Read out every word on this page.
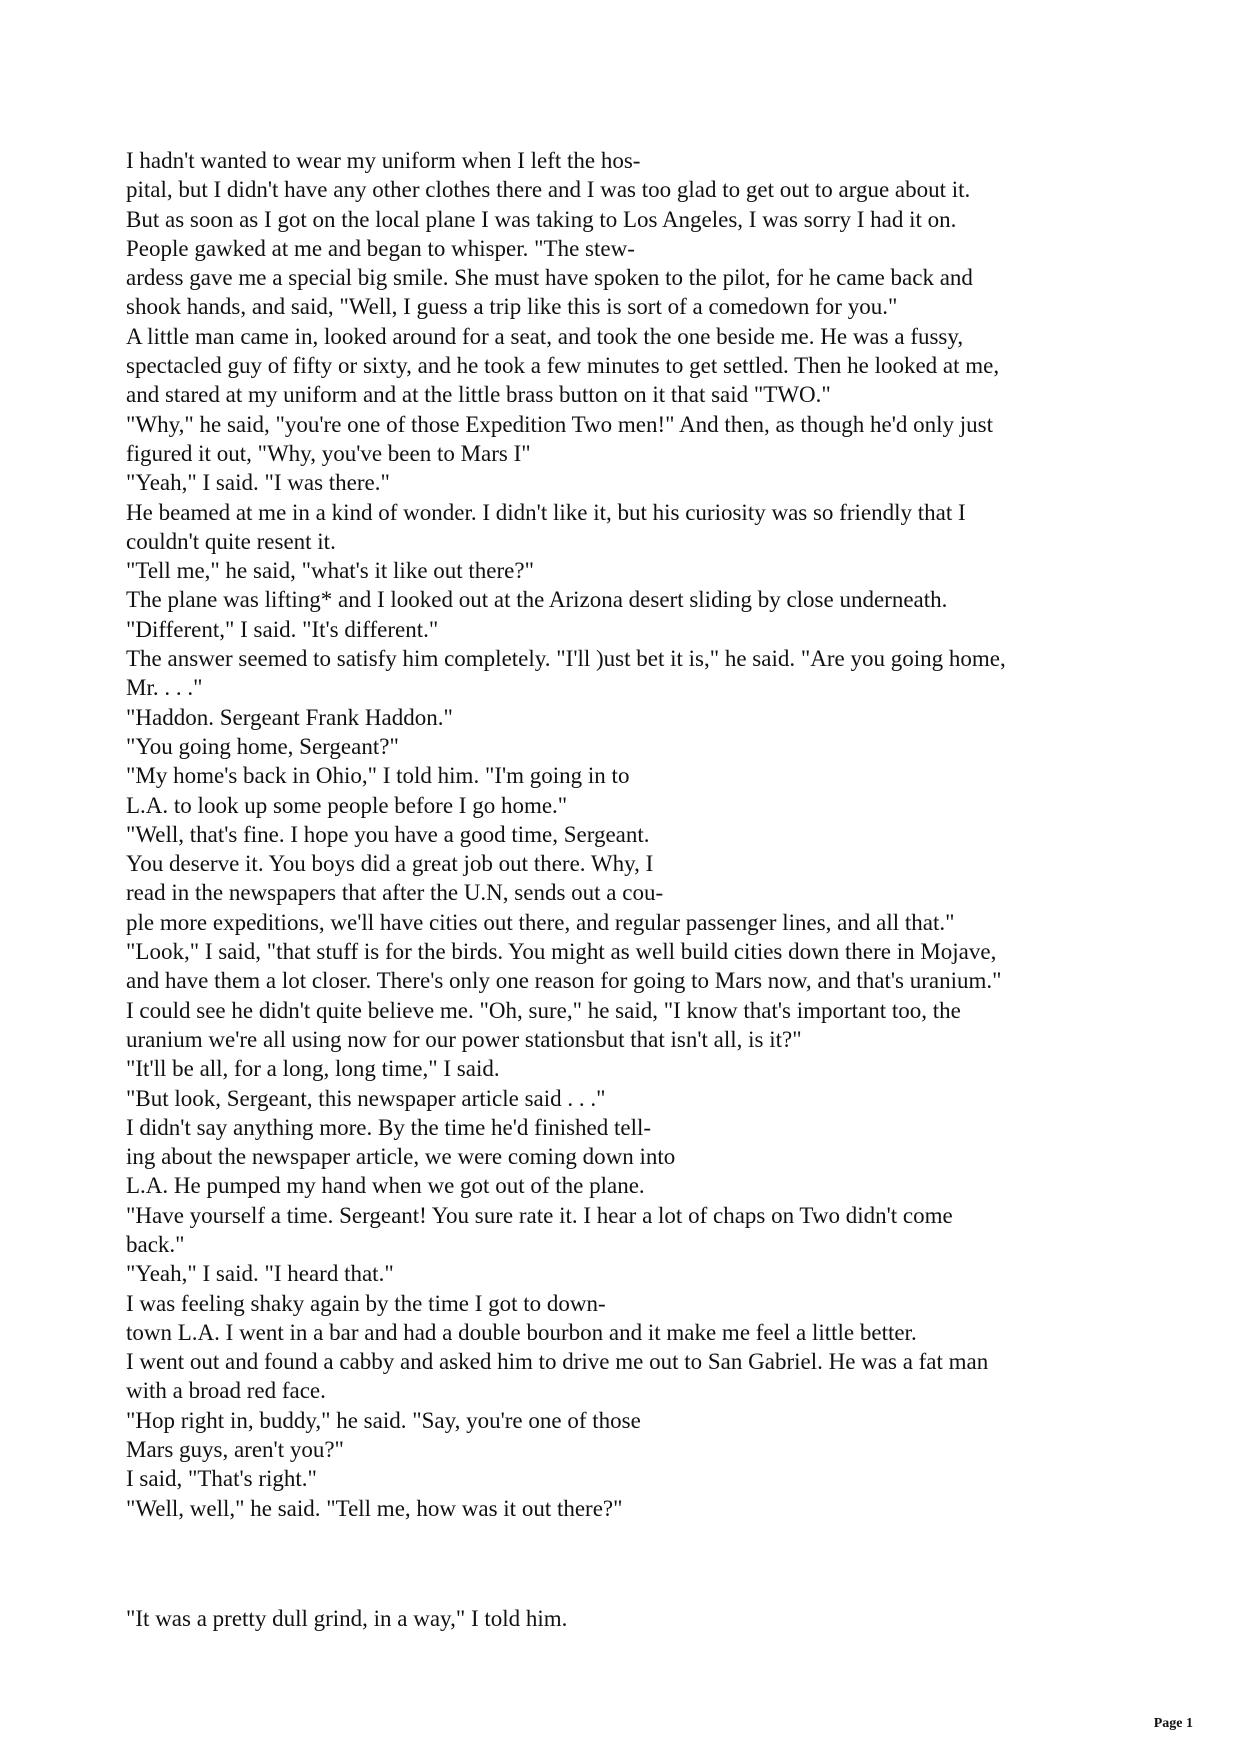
I hadn't wanted to wear my uniform when I left the hos-
pital, but I didn't have any other clothes there and I was too glad to get out to argue about it.
But as soon as I got on the local plane I was taking to Los Angeles, I was sorry I had it on.
People gawked at me and began to whisper. "The stew-
ardess gave me a special big smile. She must have spoken to the pilot, for he came back and
shook hands, and said, "Well, I guess a trip like this is sort of a comedown for you."
A little man came in, looked around for a seat, and took the one beside me. He was a fussy,
spectacled guy of fifty or sixty, and he took a few minutes to get settled. Then he looked at me,
and stared at my uniform and at the little brass button on it that said "TWO."
"Why," he said, "you're one of those Expedition Two men!" And then, as though he'd only just
figured it out, "Why, you've been to Mars I"
"Yeah," I said. "I was there."
He beamed at me in a kind of wonder. I didn't like it, but his curiosity was so friendly that I
couldn't quite resent it.
"Tell me," he said, "what's it like out there?"
The plane was lifting* and I looked out at the Arizona desert sliding by close underneath.
"Different," I said. "It's different."
The answer seemed to satisfy him completely. "I'll )ust bet it is," he said. "Are you going home,
Mr. . . ."
"Haddon. Sergeant Frank Haddon."
"You going home, Sergeant?"
"My home's back in Ohio," I told him. "I'm going in to
L.A. to look up some people before I go home."
"Well, that's fine. I hope you have a good time, Sergeant.
You deserve it. You boys did a great job out there. Why, I
read in the newspapers that after the U.N, sends out a cou-
ple more expeditions, we'll have cities out there, and regular passenger lines, and all that."
"Look," I said, "that stuff is for the birds. You might as well build cities down there in Mojave,
and have them a lot closer. There's only one reason for going to Mars now, and that's uranium."
I could see he didn't quite believe me. "Oh, sure," he said, "I know that's important too, the
uranium we're all using now for our power stationsbut that isn't all, is it?"
"It'll be all, for a long, long time," I said.
"But look, Sergeant, this newspaper article said . . ."
I didn't say anything more. By the time he'd finished tell-
ing about the newspaper article, we were coming down into
L.A. He pumped my hand when we got out of the plane.
"Have yourself a time. Sergeant! You sure rate it. I hear a lot of chaps on Two didn't come
back."
"Yeah," I said. "I heard that."
I was feeling shaky again by the time I got to down-
town L.A. I went in a bar and had a double bourbon and it make me feel a little better.
I went out and found a cabby and asked him to drive me out to San Gabriel. He was a fat man
with a broad red face.
"Hop right in, buddy," he said. "Say, you're one of those
Mars guys, aren't you?"
I said, "That's right."
"Well, well," he said. "Tell me, how was it out there?"
"It was a pretty dull grind, in a way," I told him.
Page 1
